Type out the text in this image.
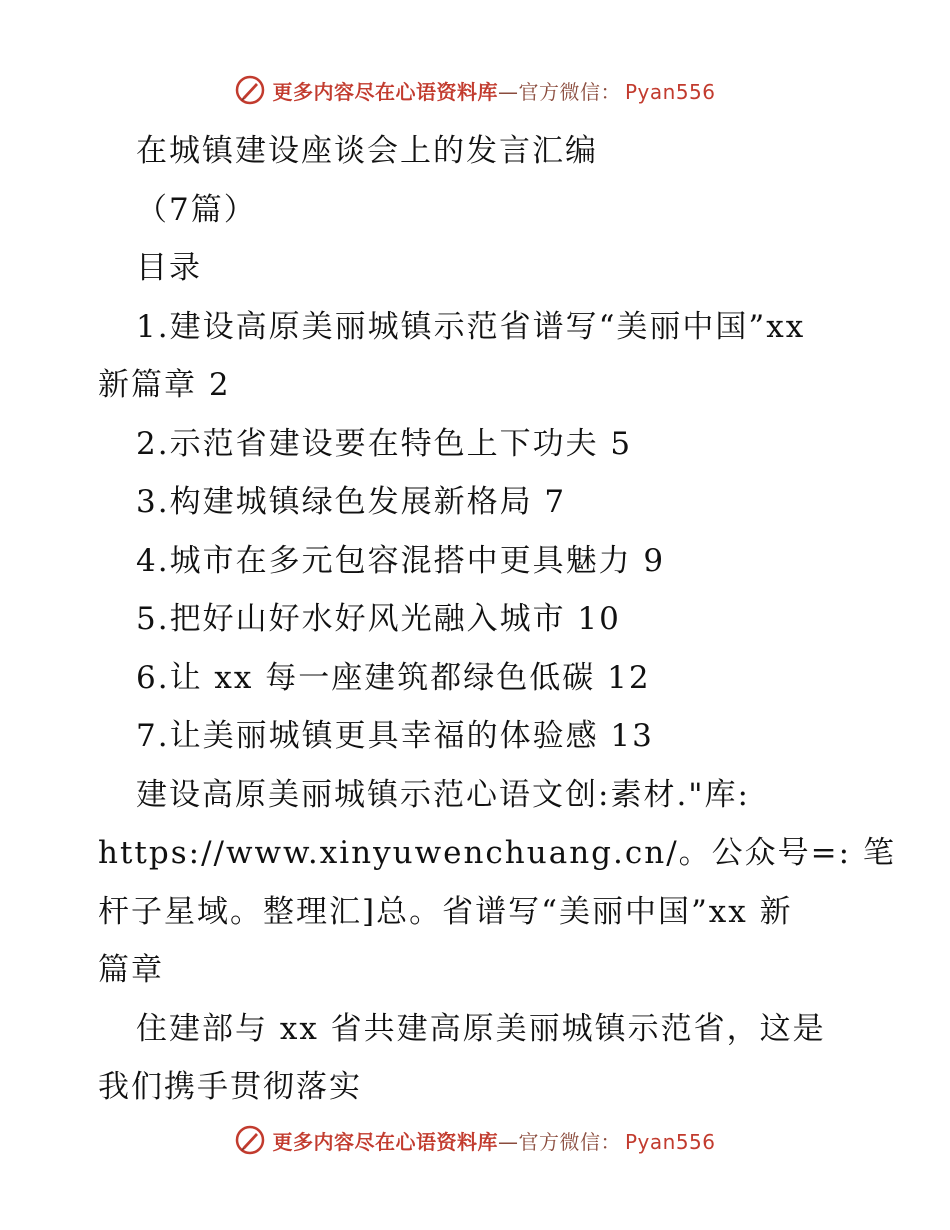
更多内容尽在心语资料库—官方微信： Pyan556
在城镇建设座谈会上的发言汇编
（7篇）
目录
1.建设高原美丽城镇示范省谱写“美丽中国”xx
新篇章 2
2.示范省建设要在特色上下功夫 5
3.构建城镇绿色发展新格局 7
4.城市在多元包容混搭中更具魅力 9
5.把好山好水好风光融入城市 10
6.让 xx 每一座建筑都绿色低碳 12
7.让美丽城镇更具幸福的体验感 13
建设高原美丽城镇示范心语文创:素材."库:
https://www.xinyuwenchuang.cn/。公众号=: 笔
杆子星域。整理汇]总。省谱写“美丽中国”xx 新
篇章
住建部与 xx 省共建高原美丽城镇示范省，这是
我们携手贯彻落实
更多内容尽在心语资料库—官方微信： Pyan556
